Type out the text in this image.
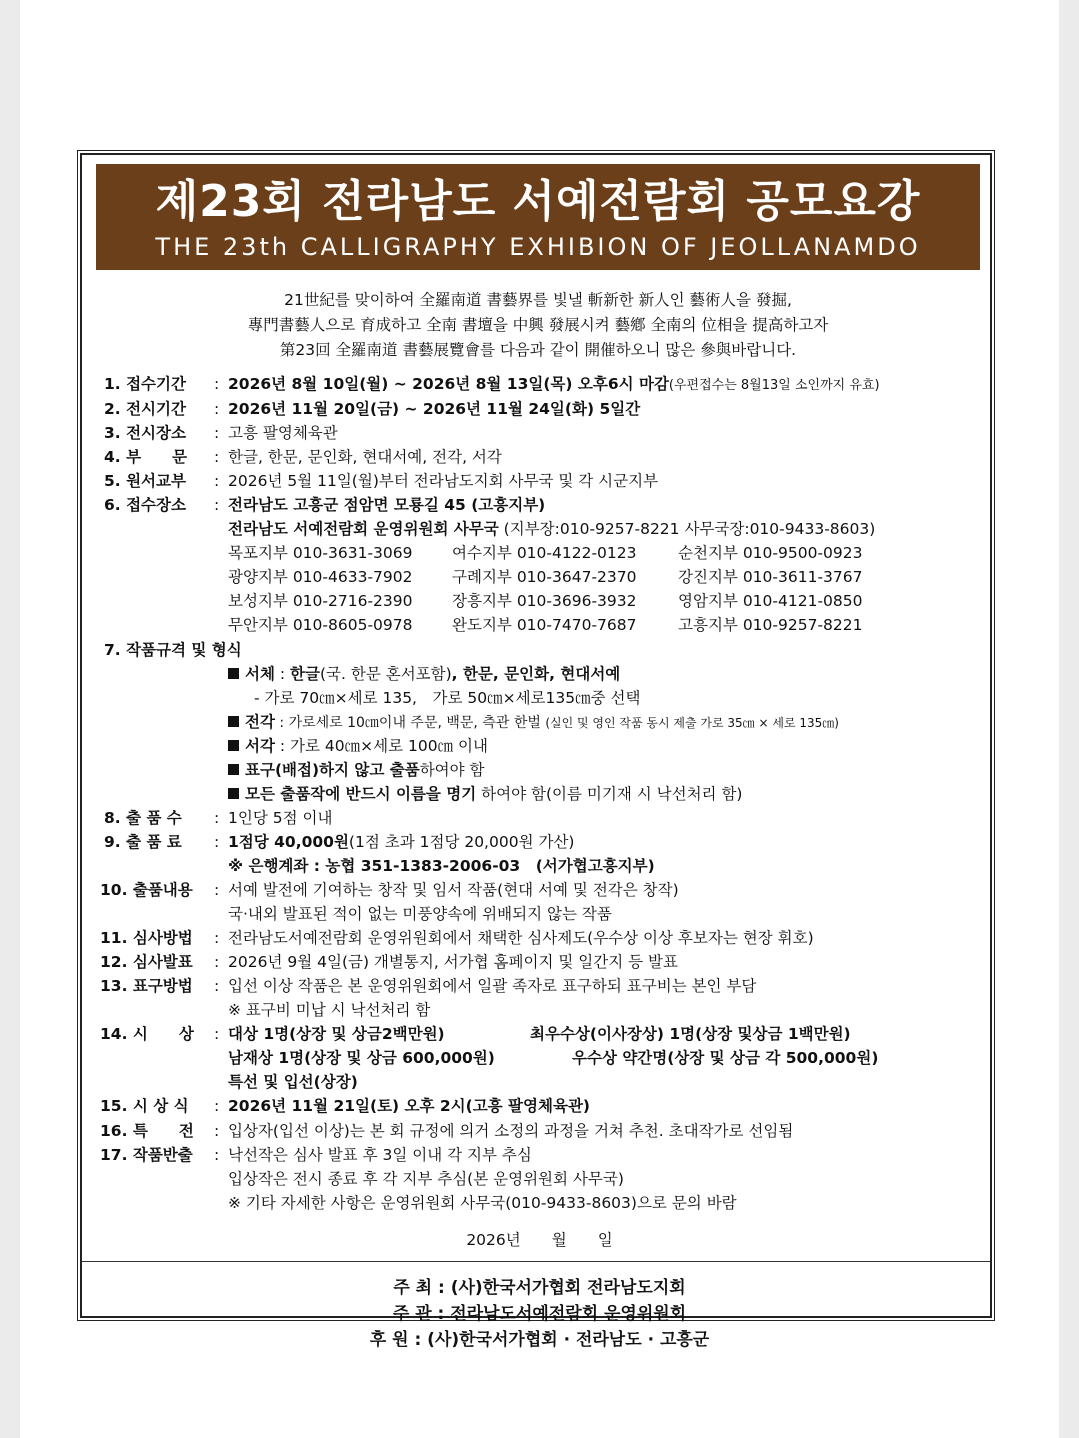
제23회 전라남도 서예전람회 공모요강
THE 23th CALLIGRAPHY EXHIBION OF JEOLLANAMDO
21世紀를 맞이하여 全羅南道 書藝界를 빛낼 斬新한 新人인 藝術人을 發掘,
專門書藝人으로 育成하고 全南 書壇을 中興 發展시켜 藝鄕 全南의 位相을 提高하고자
第23回 全羅南道 書藝展覽會를 다음과 같이 開催하오니 많은 參與바랍니다.
1. 접수기간 : 2026년 8월 10일(월) ~ 2026년 8월 13일(목) 오후6시 마감(우편접수는 8월13일 소인까지 유효)
2. 전시기간 : 2026년 11월 20일(금) ~ 2026년 11월 24일(화) 5일간
3. 전시장소 : 고흥 팔영체육관
4. 부　　문 : 한글, 한문, 문인화, 현대서예, 전각, 서각
5. 원서교부 : 2026년 5월 11일(월)부터 전라남도지회 사무국 및 각 시군지부
6. 접수장소 : 전라남도 고흥군 점암면 모룡길 45 (고흥지부)
전라남도 서예전람회 운영위원회 사무국 (지부장:010-9257-8221 사무국장:010-9433-8603)
목포지부 010-3631-3069	여수지부 010-4122-0123	순천지부 010-9500-0923
광양지부 010-4633-7902	구례지부 010-3647-2370	강진지부 010-3611-3767
보성지부 010-2716-2390	장흥지부 010-3696-3932	영암지부 010-4121-0850
무안지부 010-8605-0978	완도지부 010-7470-7687	고흥지부 010-9257-8221
7. 작품규격 및 형식
서체 : 한글(국. 한문 혼서포함), 한문, 문인화, 현대서예
- 가로 70㎝×세로 135,　가로 50㎝×세로135㎝중 선택
전각 : 가로세로 10㎝이내 주문, 백문, 측관 한벌 (실인 및 영인 작품 동시 제출 가로 35㎝ × 세로 135㎝)
서각 : 가로 40㎝×세로 100㎝ 이내
표구(배접)하지 않고 출품하여야 함
모든 출품작에 반드시 이름을 명기 하여야 함(이름 미기재 시 낙선처리 함)
8. 출 품 수 : 1인당 5점 이내
9. 출 품 료 : 1점당 40,000원(1점 초과 1점당 20,000원 가산)
※ 은행계좌 : 농협 351-1383-2006-03　(서가협고흥지부)
10. 출품내용 : 서예 발전에 기여하는 창작 및 임서 작품(현대 서예 및 전각은 창작)
국·내외 발표된 적이 없는 미풍양속에 위배되지 않는 작품
11. 심사방법 : 전라남도서예전람회 운영위원회에서 채택한 심사제도(우수상 이상 후보자는 현장 휘호)
12. 심사발표 : 2026년 9월 4일(금) 개별통지, 서가협 홈페이지 및 일간지 등 발표
13. 표구방법 : 입선 이상 작품은 본 운영위원회에서 일괄 족자로 표구하되 표구비는 본인 부담
※ 표구비 미납 시 낙선처리 함
14. 시　　상 : 대상 1명(상장 및 상금2백만원)	최우수상(이사장상) 1명(상장 및상금 1백만원)
남재상 1명(상장 및 상금 600,000원)	우수상 약간명(상장 및 상금 각 500,000원)
특선 및 입선(상장)
15. 시 상 식 : 2026년 11월 21일(토) 오후 2시(고흥 팔영체육관)
16. 특　　전 : 입상자(입선 이상)는 본 회 규정에 의거 소정의 과정을 거쳐 추천. 초대작가로 선임됨
17. 작품반출 : 낙선작은 심사 발표 후 3일 이내 각 지부 추심
입상작은 전시 종료 후 각 지부 추심(본 운영위원회 사무국)
※ 기타 자세한 사항은 운영위원회 사무국(010-9433-8603)으로 문의 바람
2026년　　월　　일
주 최 : (사)한국서가협회 전라남도지회
주 관 : 전라남도서예전람회 운영위원회
후 원 : (사)한국서가협회 · 전라남도 · 고흥군
